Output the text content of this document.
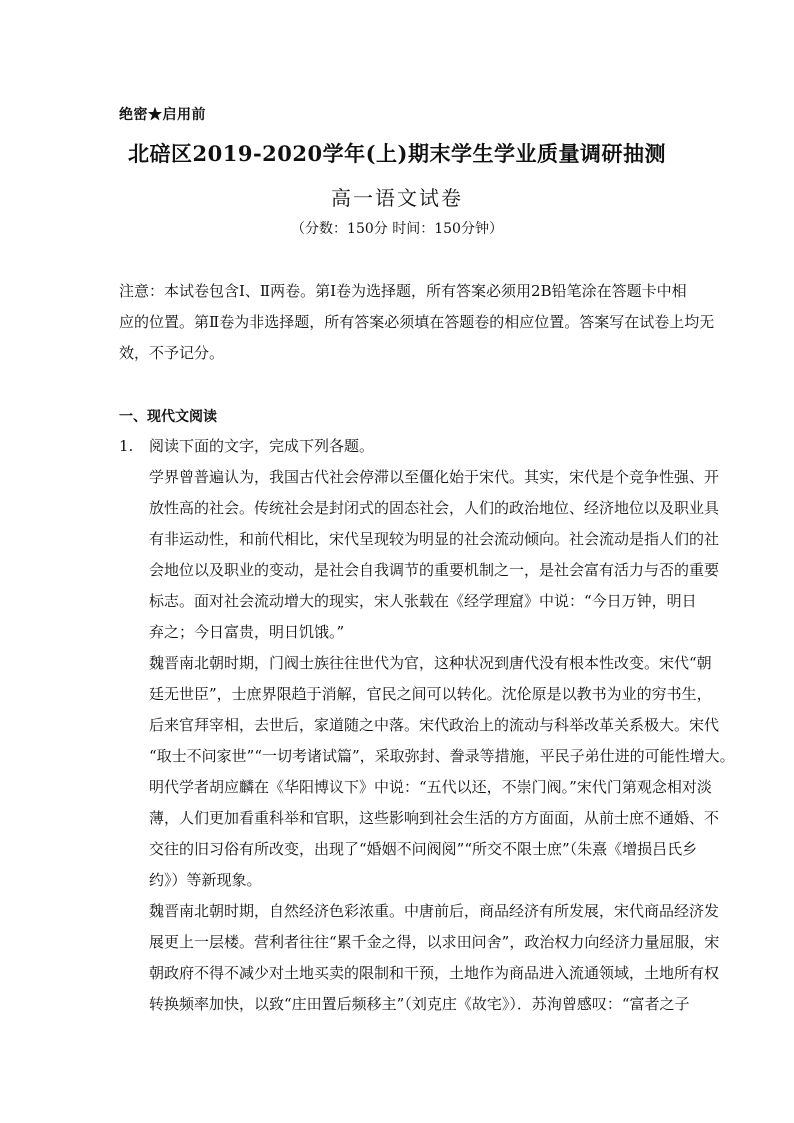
绝密★启用前
北碚区2019-2020学年(上)期末学生学业质量调研抽测
高一语文试卷
（分数：150分 时间：150分钟）
注意：本试卷包含Ⅰ、Ⅱ两卷。第Ⅰ卷为选择题，所有答案必须用2B铅笔涂在答题卡中相
应的位置。第Ⅱ卷为非选择题，所有答案必须填在答题卷的相应位置。答案写在试卷上均无
效，不予记分。
一、现代文阅读
1. 阅读下面的文字，完成下列各题。
学界曾普遍认为，我国古代社会停滞以至僵化始于宋代。其实，宋代是个竞争性强、开
放性高的社会。传统社会是封闭式的固态社会，人们的政治地位、经济地位以及职业具
有非运动性，和前代相比，宋代呈现较为明显的社会流动倾向。社会流动是指人们的社
会地位以及职业的变动，是社会自我调节的重要机制之一，是社会富有活力与否的重要
标志。面对社会流动增大的现实，宋人张载在《经学理窟》中说：“今日万钟，明日
弃之；今日富贵，明日饥饿。”
魏晋南北朝时期，门阀士族往往世代为官，这种状况到唐代没有根本性改变。宋代“朝
廷无世臣”，士庶界限趋于消解，官民之间可以转化。沈伦原是以教书为业的穷书生，
后来官拜宰相，去世后，家道随之中落。宋代政治上的流动与科举改革关系极大。宋代
“取士不问家世”“一切考诸试篇”，采取弥封、誊录等措施，平民子弟仕进的可能性增大。
明代学者胡应麟在《华阳博议下》中说：“五代以还，不崇门阀。”宋代门第观念相对淡
薄，人们更加看重科举和官职，这些影响到社会生活的方方面面，从前士庶不通婚、不
交往的旧习俗有所改变，出现了“婚姻不问阀阅”“所交不限士庶”（朱熹《增损吕氏乡
约》）等新现象。
魏晋南北朝时期，自然经济色彩浓重。中唐前后，商品经济有所发展，宋代商品经济发
展更上一层楼。营利者往往“累千金之得，以求田问舍”，政治权力向经济力量屈服，宋
朝政府不得不减少对土地买卖的限制和干预，土地作为商品进入流通领域，土地所有权
转换频率加快，以致“庄田置后频移主”（刘克庄《故宅》）．苏洵曾感叹：“富者之子
